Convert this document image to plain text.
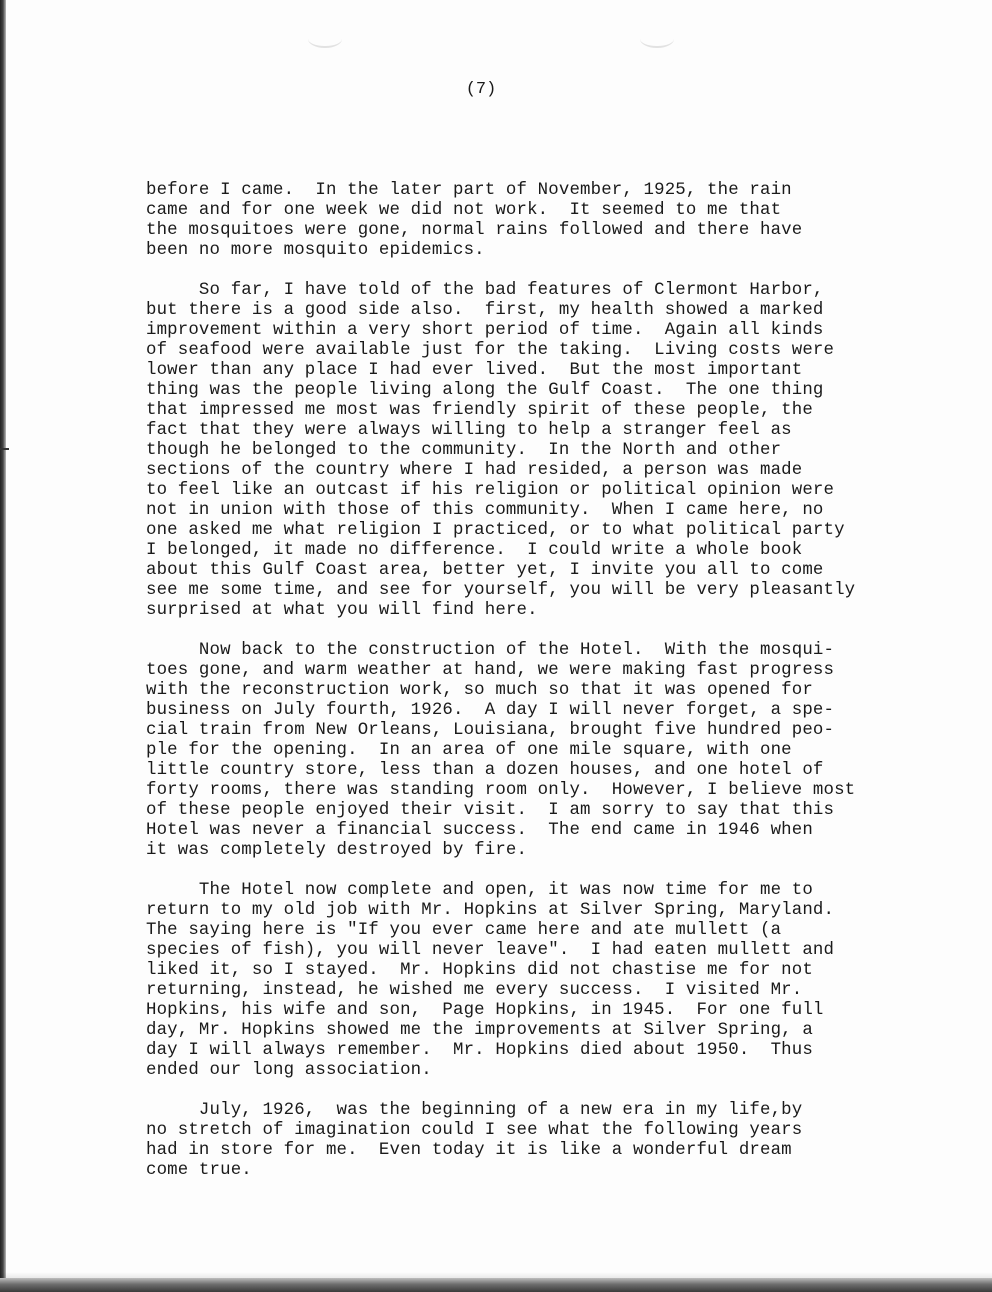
(7)
before I came.  In the later part of November, 1925, the rain
came and for one week we did not work.  It seemed to me that
the mosquitoes were gone, normal rains followed and there have
been no more mosquito epidemics.
So far, I have told of the bad features of Clermont Harbor,
but there is a good side also.  first, my health showed a marked
improvement within a very short period of time.  Again all kinds
of seafood were available just for the taking.  Living costs were
lower than any place I had ever lived.  But the most important
thing was the people living along the Gulf Coast.  The one thing
that impressed me most was friendly spirit of these people, the
fact that they were always willing to help a stranger feel as
though he belonged to the community.  In the North and other
sections of the country where I had resided, a person was made
to feel like an outcast if his religion or political opinion were
not in union with those of this community.  When I came here, no
one asked me what religion I practiced, or to what political party
I belonged, it made no difference.  I could write a whole book
about this Gulf Coast area, better yet, I invite you all to come
see me some time, and see for yourself, you will be very pleasantly
surprised at what you will find here.
Now back to the construction of the Hotel.  With the mosqui-
toes gone, and warm weather at hand, we were making fast progress
with the reconstruction work, so much so that it was opened for
business on July fourth, 1926.  A day I will never forget, a spe-
cial train from New Orleans, Louisiana, brought five hundred peo-
ple for the opening.  In an area of one mile square, with one
little country store, less than a dozen houses, and one hotel of
forty rooms, there was standing room only.  However, I believe most
of these people enjoyed their visit.  I am sorry to say that this
Hotel was never a financial success.  The end came in 1946 when
it was completely destroyed by fire.
The Hotel now complete and open, it was now time for me to
return to my old job with Mr. Hopkins at Silver Spring, Maryland.
The saying here is "If you ever came here and ate mullett (a
species of fish), you will never leave".  I had eaten mullett and
liked it, so I stayed.  Mr. Hopkins did not chastise me for not
returning, instead, he wished me every success.  I visited Mr.
Hopkins, his wife and son,  Page Hopkins, in 1945.  For one full
day, Mr. Hopkins showed me the improvements at Silver Spring, a
day I will always remember.  Mr. Hopkins died about 1950.  Thus
ended our long association.
July, 1926,  was the beginning of a new era in my life,by
no stretch of imagination could I see what the following years
had in store for me.  Even today it is like a wonderful dream
come true.
